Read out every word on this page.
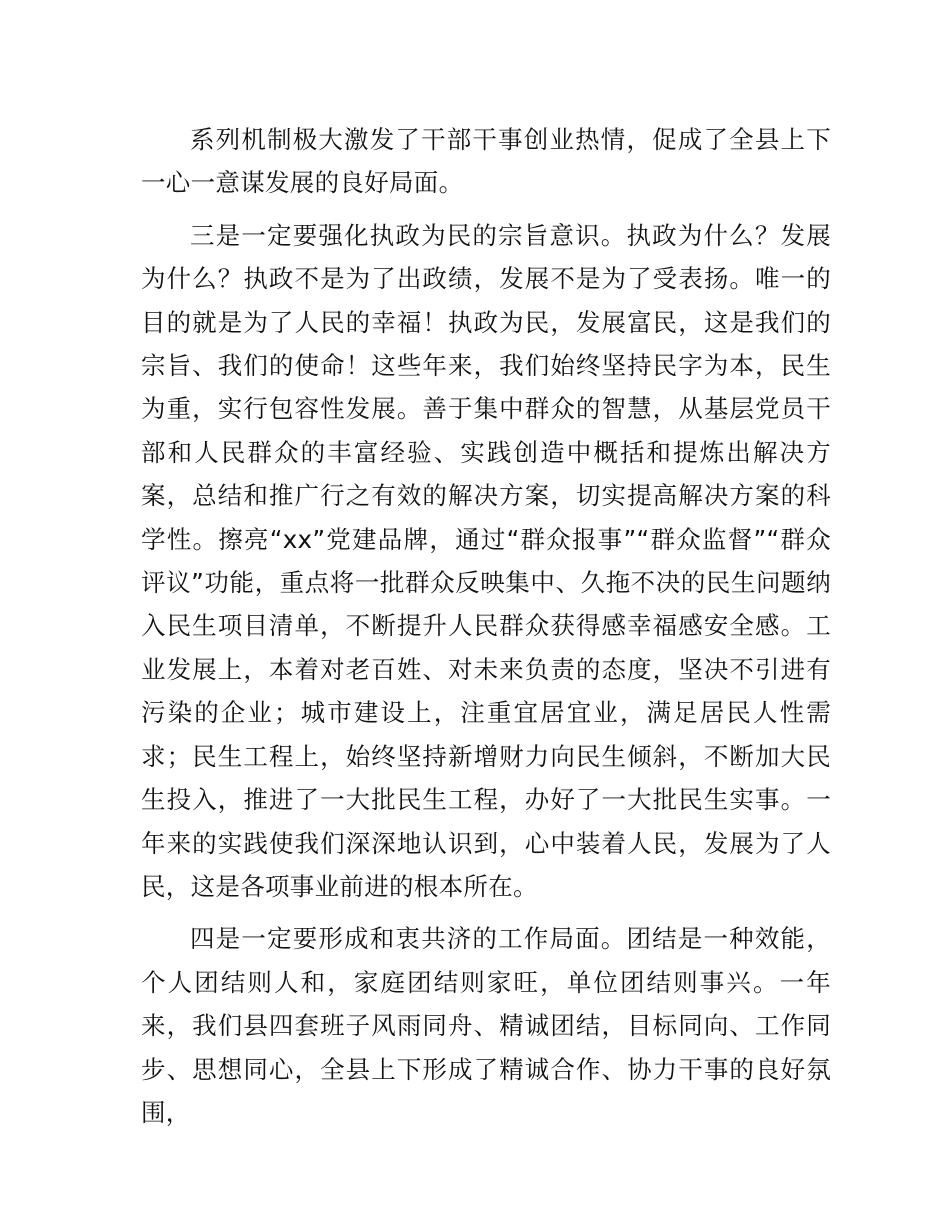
系列机制极大激发了干部干事创业热情，促成了全县上下一心一意谋发展的良好局面。

三是一定要强化执政为民的宗旨意识。执政为什么？发展为什么？执政不是为了出政绩，发展不是为了受表扬。唯一的目的就是为了人民的幸福！执政为民，发展富民，这是我们的宗旨、我们的使命！这些年来，我们始终坚持民字为本，民生为重，实行包容性发展。善于集中群众的智慧，从基层党员干部和人民群众的丰富经验、实践创造中概括和提炼出解决方案，总结和推广行之有效的解决方案，切实提高解决方案的科学性。擦亮“xx”党建品牌，通过“群众报事”“群众监督”“群众评议”功能，重点将一批群众反映集中、久拖不决的民生问题纳入民生项目清单，不断提升人民群众获得感幸福感安全感。工业发展上，本着对老百姓、对未来负责的态度，坚决不引进有污染的企业；城市建设上，注重宜居宜业，满足居民人性需求；民生工程上，始终坚持新增财力向民生倾斜，不断加大民生投入，推进了一大批民生工程，办好了一大批民生实事。一年来的实践使我们深深地认识到，心中装着人民，发展为了人民，这是各项事业前进的根本所在。

四是一定要形成和衷共济的工作局面。团结是一种效能，个人团结则人和，家庭团结则家旺，单位团结则事兴。一年来，我们县四套班子风雨同舟、精诚团结，目标同向、工作同步、思想同心，全县上下形成了精诚合作、协力干事的良好氛围，
